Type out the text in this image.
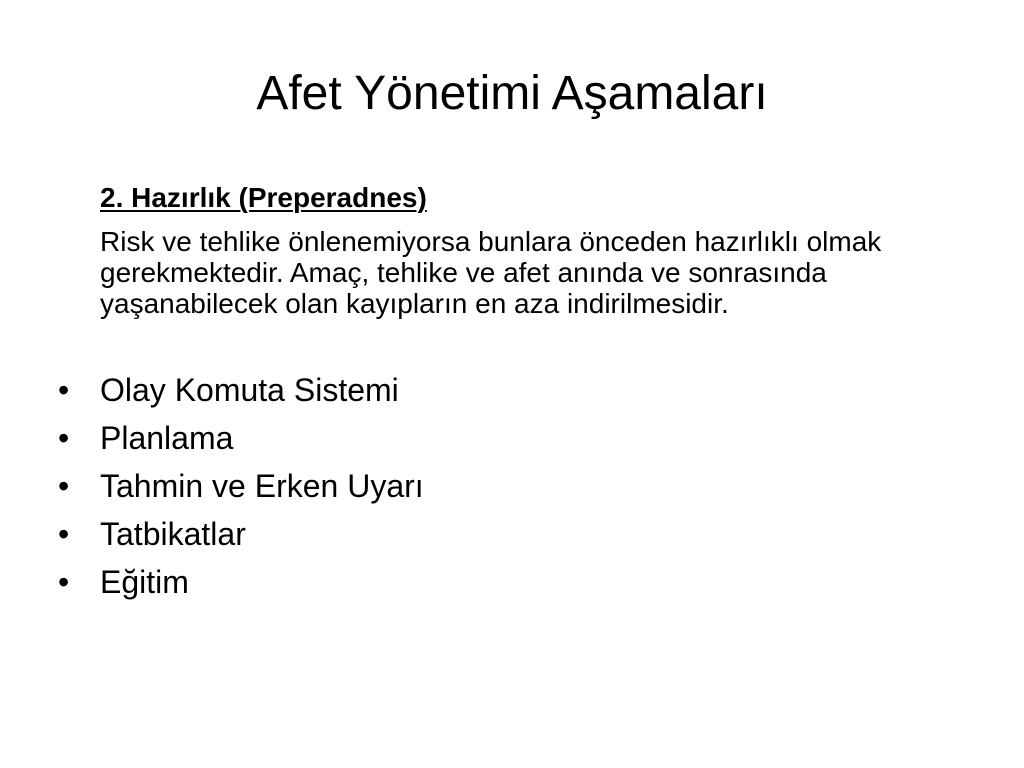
Afet Yönetimi Aşamaları
2. Hazırlık (Preperadnes)
Risk ve tehlike önlenemiyorsa bunlara önceden hazırlıklı olmak gerekmektedir. Amaç, tehlike ve afet anında ve sonrasında yaşanabilecek olan kayıpların en aza indirilmesidir.
• Olay Komuta Sistemi
• Planlama
• Tahmin ve Erken Uyarı
• Tatbikatlar
• Eğitim
